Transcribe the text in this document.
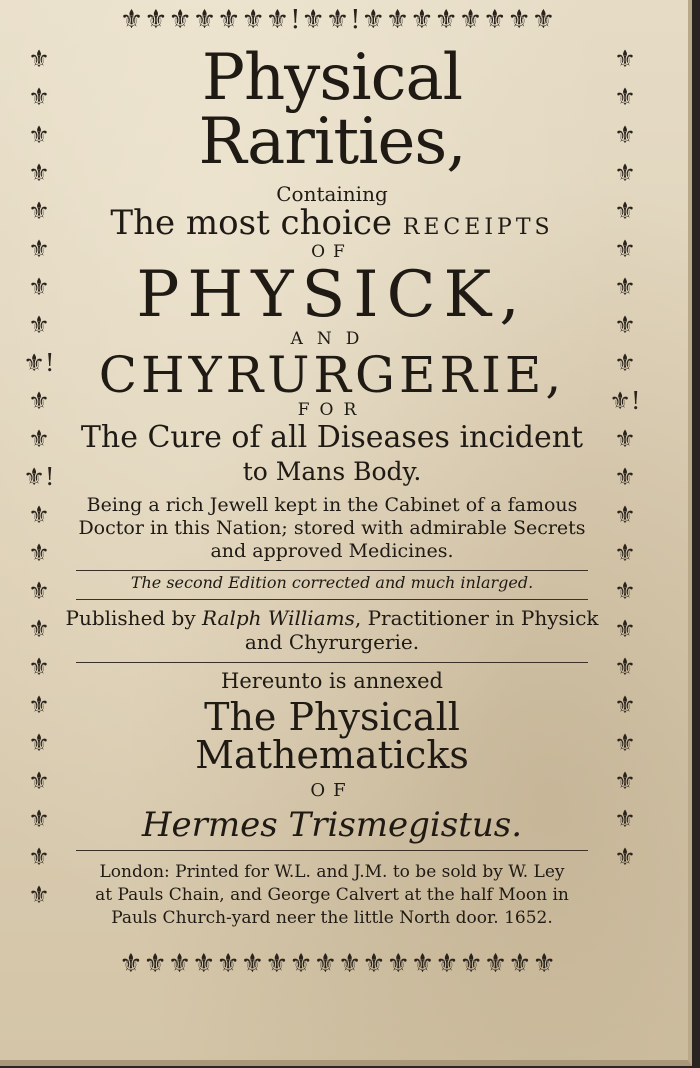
⚜⚜⚜⚜⚜⚜⚜!⚜⚜!⚜⚜⚜⚜⚜⚜⚜⚜
⚜⚜⚜⚜⚜⚜⚜⚜⚜⚜⚜⚜⚜⚜⚜⚜⚜⚜
⚜⚜⚜⚜⚜⚜⚜⚜⚜!⚜⚜⚜!⚜⚜⚜⚜⚜⚜⚜⚜⚜⚜⚜
⚜⚜⚜⚜⚜⚜⚜⚜⚜⚜!⚜⚜⚜⚜⚜⚜⚜⚜⚜⚜⚜⚜

Physical Rarities,

Containing

The most choice RECEIPTS

OF

PHYSICK,

AND

CHYRURGERIE,

FOR

The Cure of all Diseases incident

to Mans Body.

Being a rich Jewell kept in the Cabinet of a famous Doctor in this Nation; stored with admirable Secrets and approved Medicines.

The second Edition corrected and much inlarged.

Published by Ralph Williams, Practitioner in Physick and Chyrurgerie.

Hereunto is annexed

The Physicall Mathematicks

OF

Hermes Trismegistus.

London: Printed for W.L. and J.M. to be sold by W. Ley
at Pauls Chain, and George Calvert at the half Moon in
Pauls Church-yard neer the little North door. 1652.
